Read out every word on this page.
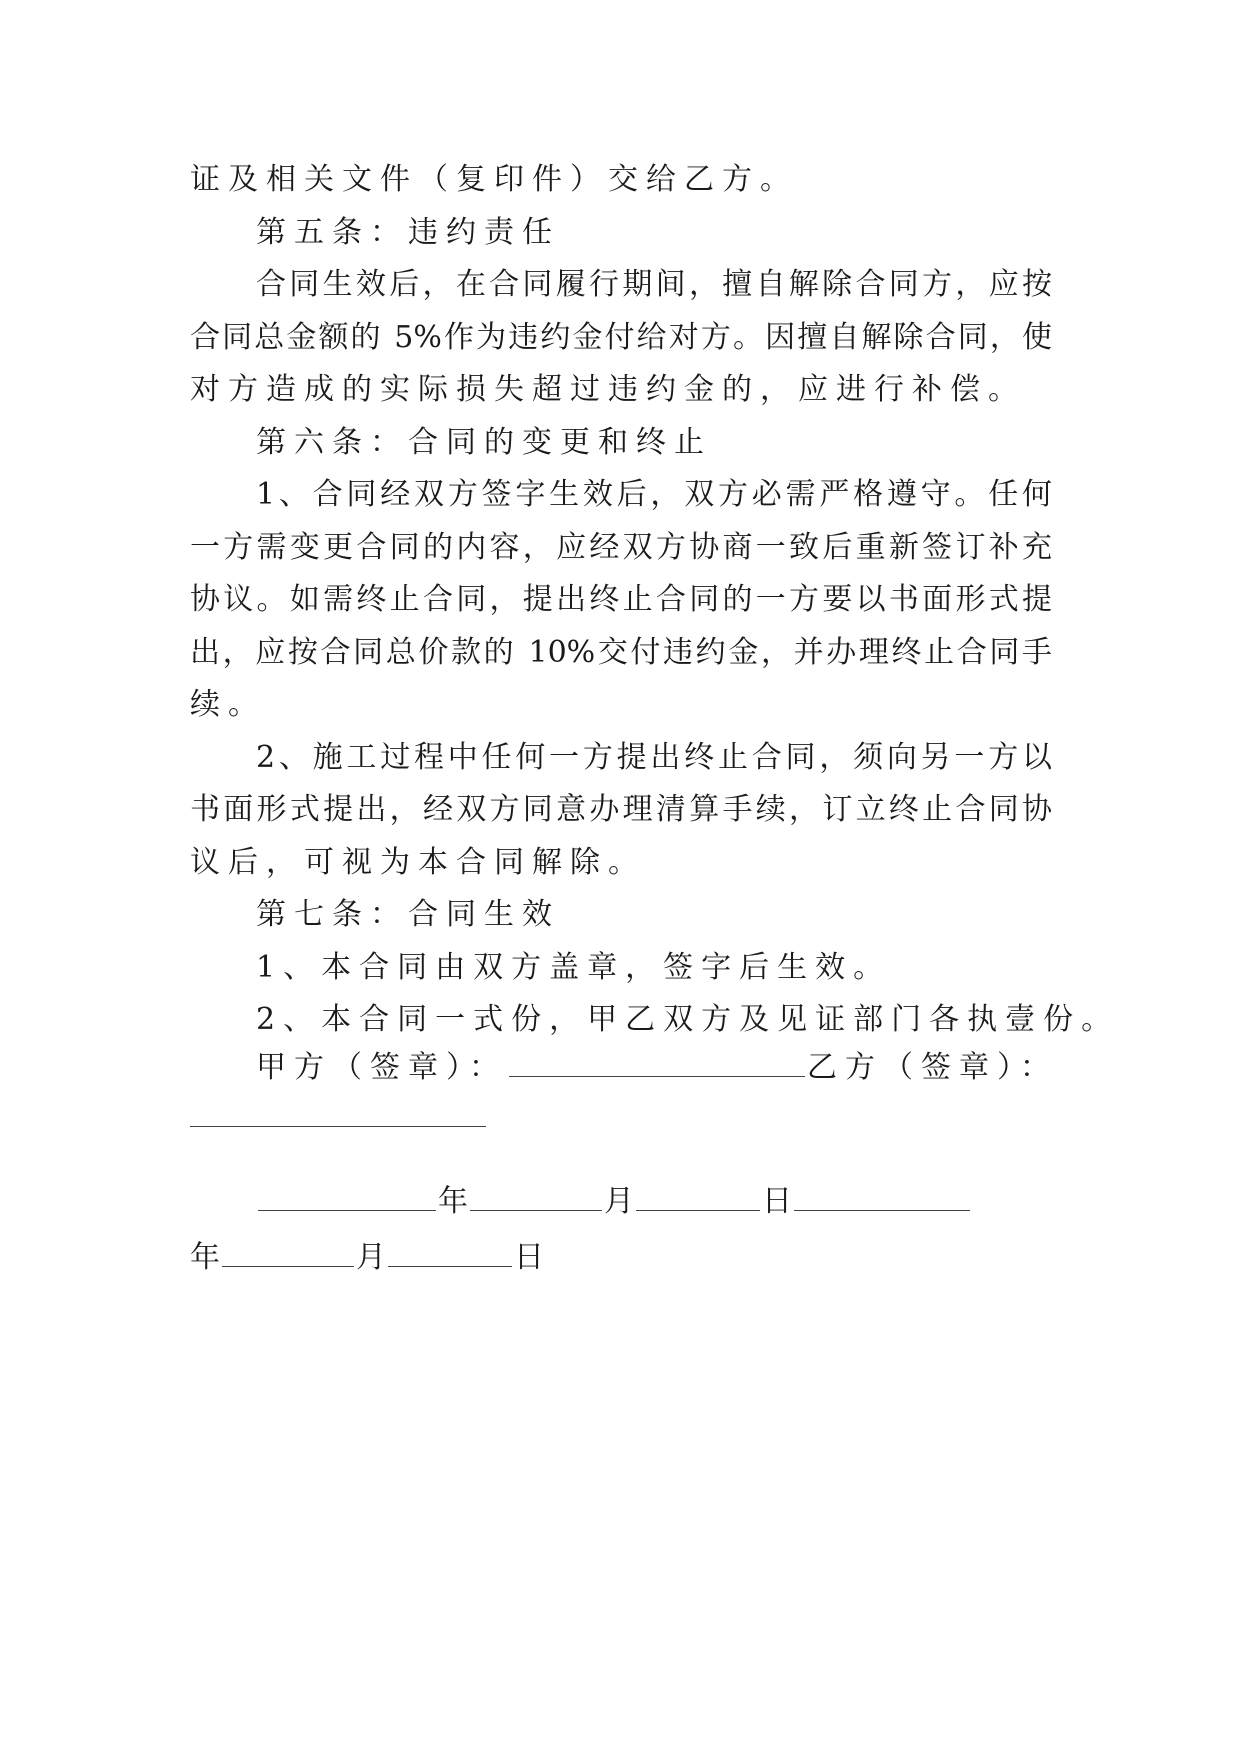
证及相关文件（复印件）交给乙方。
第五条：违约责任
合同生效后，在合同履行期间，擅自解除合同方，应按
合同总金额的 5%作为违约金付给对方。因擅自解除合同，使
对方造成的实际损失超过违约金的，应进行补偿。
第六条：合同的变更和终止
1、合同经双方签字生效后，双方必需严格遵守。任何
一方需变更合同的内容，应经双方协商一致后重新签订补充
协议。如需终止合同，提出终止合同的一方要以书面形式提
出，应按合同总价款的 10%交付违约金，并办理终止合同手
续。
2、施工过程中任何一方提出终止合同，须向另一方以
书面形式提出，经双方同意办理清算手续，订立终止合同协
议后，可视为本合同解除。
第七条：合同生效
1、本合同由双方盖章，签字后生效。
2、本合同一式份，甲乙双方及见证部门各执壹份。
甲方（签章）：	乙方（签章）：
年	月	日
年	月	日
